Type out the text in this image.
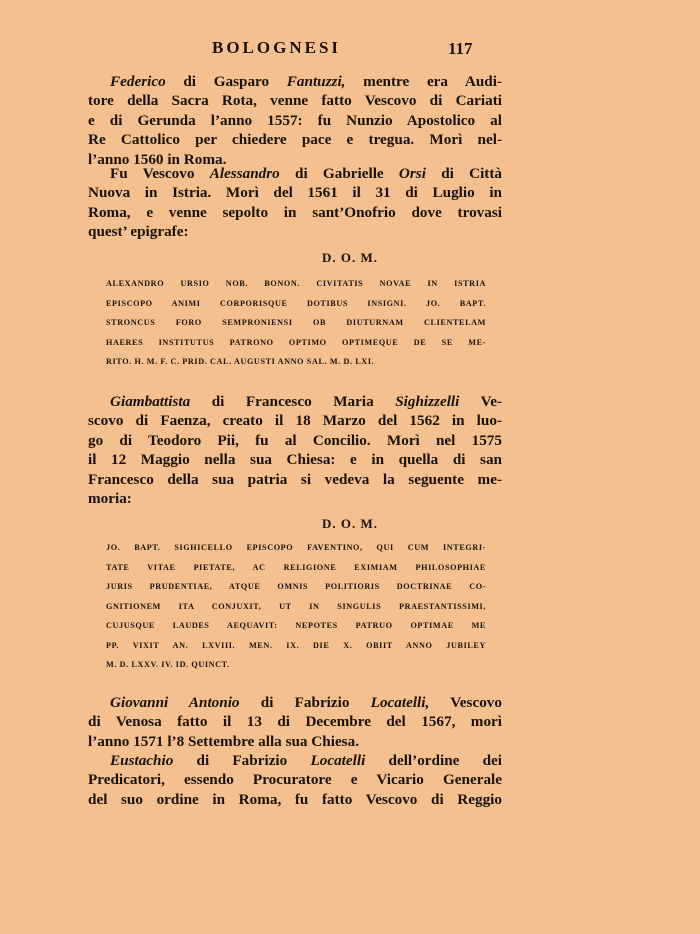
BOLOGNESI	117
Federico di Gasparo Fantuzzi, mentre era Audi-
tore della Sacra Rota, venne fatto Vescovo di Cariati
e di Gerunda l’anno 1557: fu Nunzio Apostolico al
Re Cattolico per chiedere pace e tregua. Morì nel-
l’anno 1560 in Roma.
Fu Vescovo Alessandro di Gabrielle Orsi di Città
Nuova in Istria. Morì del 1561 il 31 di Luglio in
Roma, e venne sepolto in sant’Onofrio dove trovasi
quest’ epigrafe:
D. O. M.
ALEXANDRO URSIO NOB. BONON. CIVITATIS NOVAE IN ISTRIA
EPISCOPO ANIMI CORPORISQUE DOTIBUS INSIGNI. JO. BAPT.
STRONCUS FORO SEMPRONIENSI OB DIUTURNAM CLIENTELAM
HAERES INSTITUTUS PATRONO OPTIMO OPTIMEQUE DE SE ME-
RITO. H. M. F. C. PRID. CAL. AUGUSTI ANNO SAL. M. D. LXI.
Giambattista di Francesco Maria Sighizzelli Ve-
scovo di Faenza, creato il 18 Marzo del 1562 in luo-
go di Teodoro Pii, fu al Concilio. Morì nel 1575
il 12 Maggio nella sua Chiesa: e in quella di san
Francesco della sua patria si vedeva la seguente me-
moria:
D. O. M.
JO. BAPT. SIGHICELLO EPISCOPO FAVENTINO, QUI CUM INTEGRI-
TATE VITAE PIETATE, AC RELIGIONE EXIMIAM PHILOSOPHIAE
JURIS PRUDENTIAE, ATQUE OMNIS POLITIORIS DOCTRINAE CO-
GNITIONEM ITA CONJUXIT, UT IN SINGULIS PRAESTANTISSIMI,
CUJUSQUE LAUDES AEQUAVIT: NEPOTES PATRUO OPTIMAE ME
PP. VIXIT AN. LXVIII. MEN. IX. DIE X. OBIIT ANNO JUBILEY
M. D. LXXV. IV. ID. QUINCT.
Giovanni Antonio di Fabrizio Locatelli, Vescovo
di Venosa fatto il 13 di Decembre del 1567, morì
l’anno 1571 l’8 Settembre alla sua Chiesa.
Eustachio di Fabrizio Locatelli dell’ordine dei
Predicatori, essendo Procuratore e Vicario Generale
del suo ordine in Roma, fu fatto Vescovo di Reggio
